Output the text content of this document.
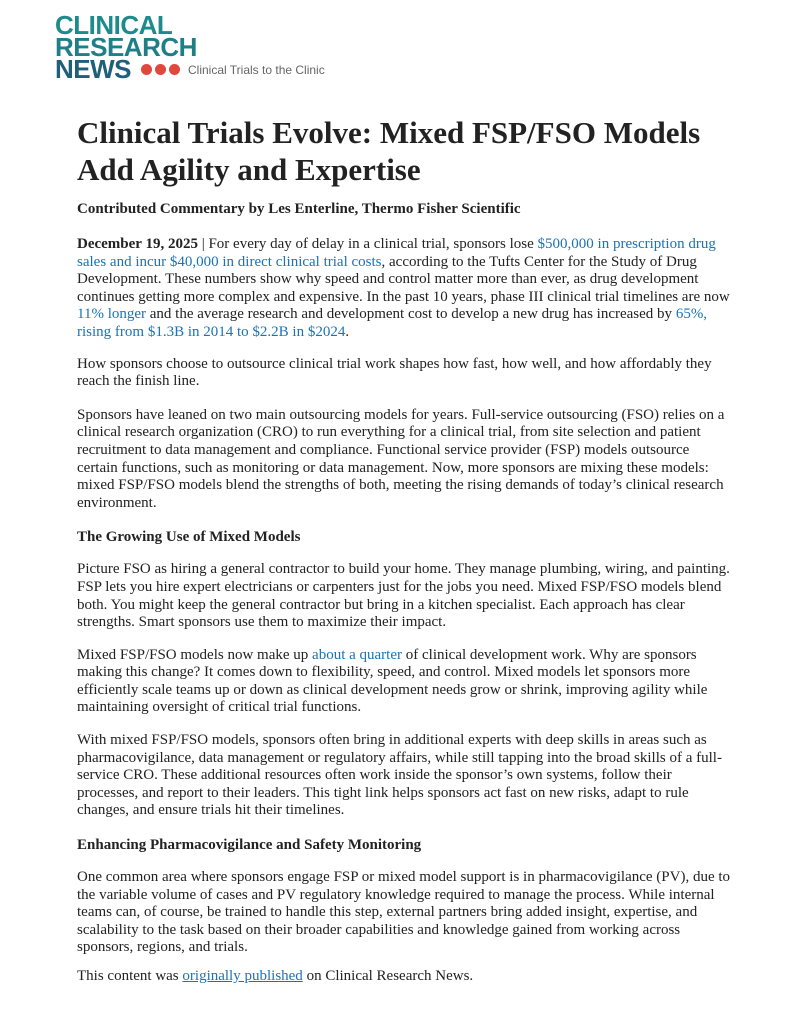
CLINICAL
RESEARCH
NEWS	Clinical Trials to the Clinic
Clinical Trials Evolve: Mixed FSP/FSO Models Add Agility and Expertise
Contributed Commentary by Les Enterline, Thermo Fisher Scientific

December 19, 2025 | For every day of delay in a clinical trial, sponsors lose $500,000 in prescription drug sales and incur $40,000 in direct clinical trial costs, according to the Tufts Center for the Study of Drug Development. These numbers show why speed and control matter more than ever, as drug development continues getting more complex and expensive. In the past 10 years, phase III clinical trial timelines are now 11% longer and the average research and development cost to develop a new drug has increased by 65%, rising from $1.3B in 2014 to $2.2B in $2024.

How sponsors choose to outsource clinical trial work shapes how fast, how well, and how affordably they reach the finish line.

Sponsors have leaned on two main outsourcing models for years. Full-service outsourcing (FSO) relies on a clinical research organization (CRO) to run everything for a clinical trial, from site selection and patient recruitment to data management and compliance. Functional service provider (FSP) models outsource certain functions, such as monitoring or data management. Now, more sponsors are mixing these models: mixed FSP/FSO models blend the strengths of both, meeting the rising demands of today’s clinical research environment.

The Growing Use of Mixed Models

Picture FSO as hiring a general contractor to build your home. They manage plumbing, wiring, and painting. FSP lets you hire expert electricians or carpenters just for the jobs you need. Mixed FSP/FSO models blend both. You might keep the general contractor but bring in a kitchen specialist. Each approach has clear strengths. Smart sponsors use them to maximize their impact.

Mixed FSP/FSO models now make up about a quarter of clinical development work. Why are sponsors making this change? It comes down to flexibility, speed, and control. Mixed models let sponsors more efficiently scale teams up or down as clinical development needs grow or shrink, improving agility while maintaining oversight of critical trial functions.

With mixed FSP/FSO models, sponsors often bring in additional experts with deep skills in areas such as pharmacovigilance, data management or regulatory affairs, while still tapping into the broad skills of a full-service CRO. These additional resources often work inside the sponsor’s own systems, follow their processes, and report to their leaders. This tight link helps sponsors act fast on new risks, adapt to rule changes, and ensure trials hit their timelines.

Enhancing Pharmacovigilance and Safety Monitoring

One common area where sponsors engage FSP or mixed model support is in pharmacovigilance (PV), due to the variable volume of cases and PV regulatory knowledge required to manage the process. While internal teams can, of course, be trained to handle this step, external partners bring added insight, expertise, and scalability to the task based on their broader capabilities and knowledge gained from working across sponsors, regions, and trials.

This content was originally published on Clinical Research News.
